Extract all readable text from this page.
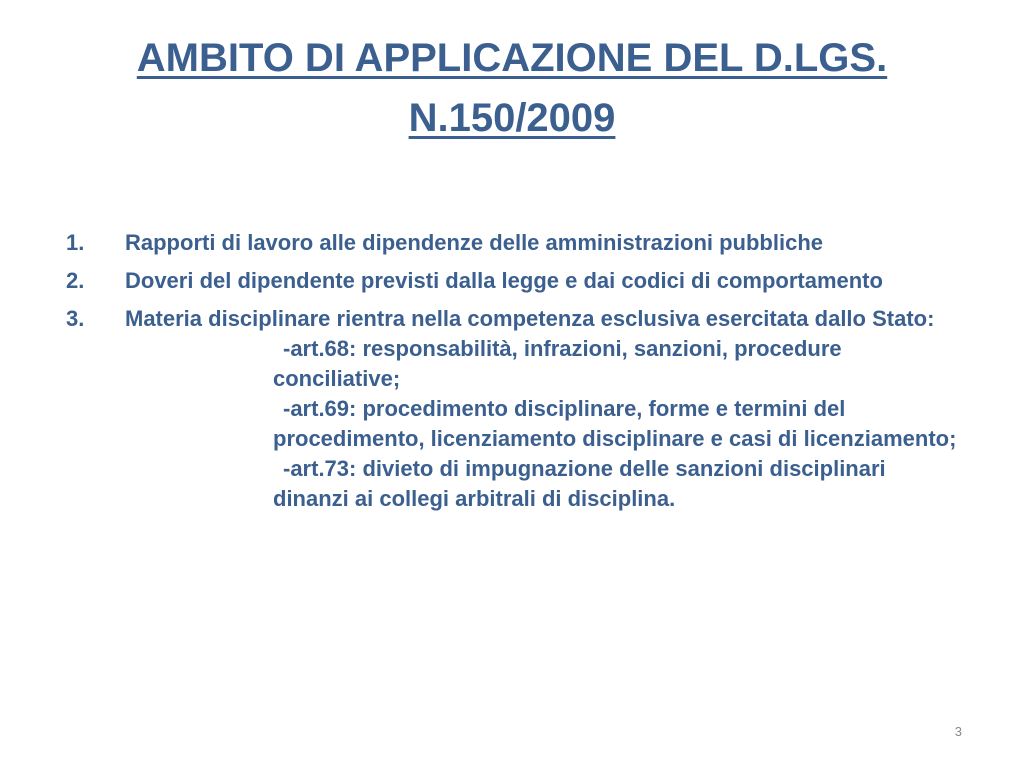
AMBITO DI APPLICAZIONE DEL D.LGS.
N.150/2009
1. Rapporti di lavoro alle dipendenze delle amministrazioni pubbliche
2. Doveri del dipendente previsti dalla legge e dai codici di comportamento
3. Materia disciplinare rientra nella competenza esclusiva esercitata dallo Stato:
-art.68: responsabilità, infrazioni, sanzioni, procedure conciliative;
-art.69: procedimento disciplinare, forme e termini del procedimento, licenziamento disciplinare e casi di licenziamento;
-art.73: divieto di impugnazione delle sanzioni disciplinari dinanzi ai collegi arbitrali di disciplina.
3
